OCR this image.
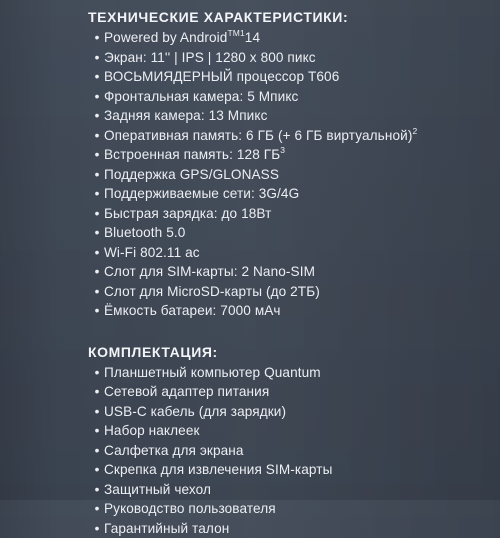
ТЕХНИЧЕСКИЕ ХАРАКТЕРИСТИКИ:
• Powered by Android$^{TM1}$14
• Экран: 11'' | IPS | 1280 x 800 пикс
• ВОСЬМИЯДЕРНЫЙ процессор T606
• Фронтальная камера: 5 Мпикс
• Задняя камера: 13 Мпикс
• Оперативная память: 6 ГБ (+ 6 ГБ виртуальной)$^2$
• Встроенная память: 128 $ГБ^3$
• Поддержка GPS/GLONASS
• Поддерживаемые сети: 3G/4G
• Быстрая зарядка: до 18Вт
• Bluetooth 5.0
• Wi-Fi 802.11 ac
• Слот для SIM-карты: 2 Nano-SIM
• Слот для MicroSD-карты (до 2ТБ)
• Ёмкость батареи: 7000 мАч
КОМПЛЕКТАЦИЯ:
• Планшетный компьютер Quantum
• Сетевой адаптер питания
• USB-C кабель (для зарядки)
• Набор наклеек
• Салфетка для экрана
• Скрепка для извлечения SIM-карты
• Защитный чехол
• Руководство пользователя
• Гарантийный талон
